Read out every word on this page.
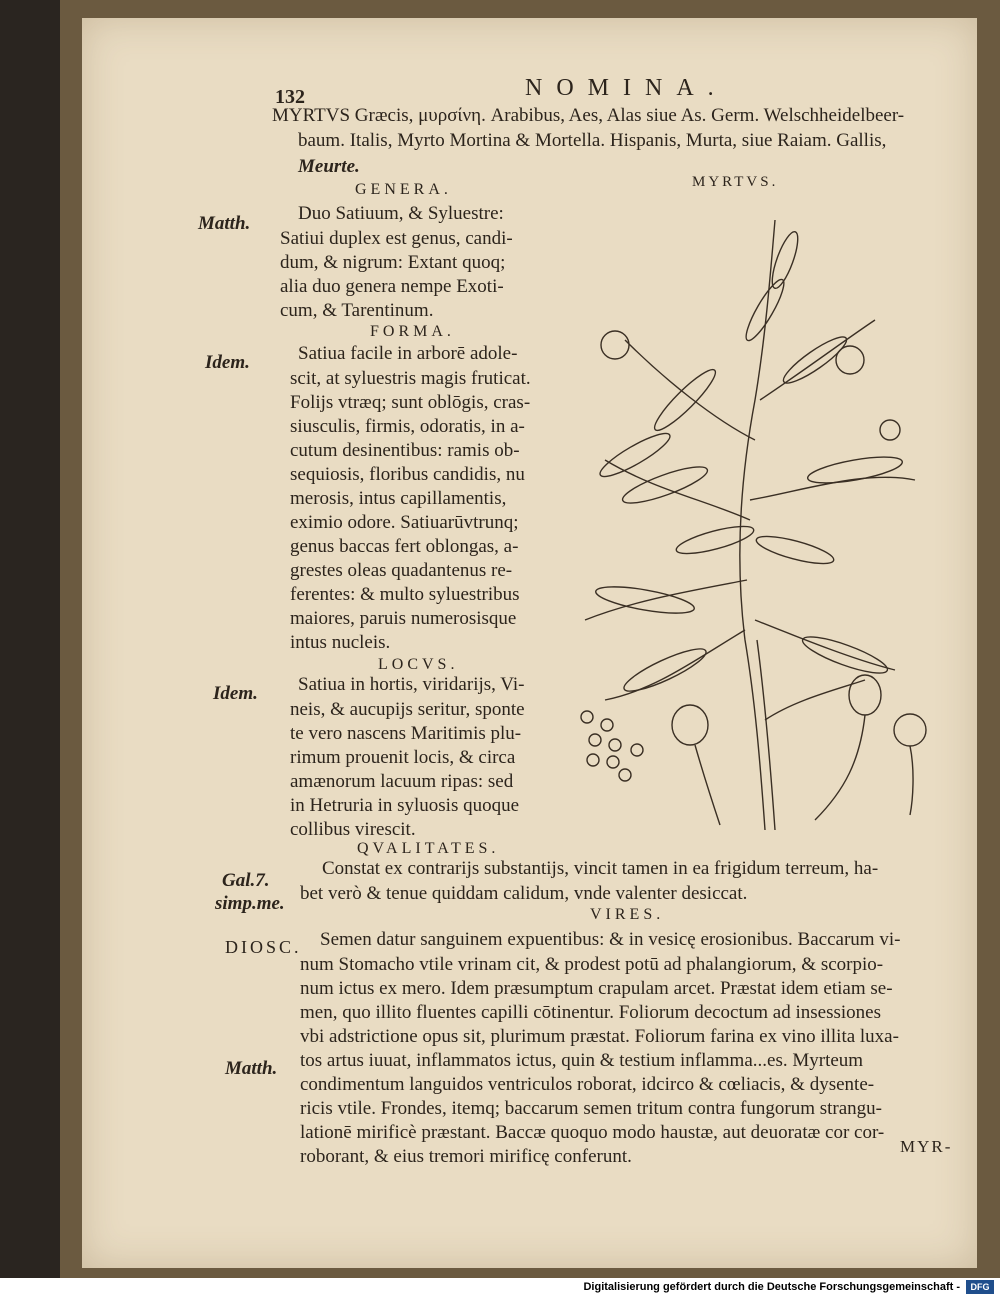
132	NOMINA.
MYRTVS Græcis, μυρσίνη. Arabibus, Aes, Alas siue As. Germ. Welschheidelbeer-
baum. Italis, Myrto Mortina & Mortella. Hispanis, Murta, siue Raiam. Gallis,
Meurte.
MYRTVS.
GENERA.
Matth.	Duo Satiuum, & Syluestre:
Satiui duplex est genus, candi-
dum, & nigrum: Extant quoq;
alia duo genera nempe Exoti-
cum, & Tarentinum.
FORMA.
Idem.	Satiua facile in arborē adole-
scit, at syluestris magis fruticat.
Folijs vtræq; sunt oblōgis, cras-
siusculis, firmis, odoratis, in a-
cutum desinentibus: ramis ob-
sequiosis, floribus candidis, nu
merosis, intus capillamentis,
eximio odore. Satiuarūvtrunq;
genus baccas fert oblongas, a-
grestes oleas quadantenus re-
ferentes: & multo syluestribus
maiores, paruis numerosisque
intus nucleis.
LOCVS.
Idem. Satiua in hortis, viridarijs, Vi-
neis, & aucupijs seritur, sponte
te vero nascens Maritimis plu-
rimum prouenit locis, & circa
amænorum lacuum ripas: sed
in Hetruria in syluosis quoque
collibus virescit.
QVALITATES.
Gal.7.
simp.me.
Constat ex contrarijs substantijs, vincit tamen in ea frigidum terreum, ha-
bet verò & tenue quiddam calidum, vnde valenter desiccat.
VIRES.
DIOSC.
Matth.
Semen datur sanguinem expuentibus: & in vesicę erosionibus. Baccarum vi-
num Stomacho vtile vrinam cit, & prodest potū ad phalangiorum, & scorpio-
num ictus ex mero. Idem præsumptum crapulam arcet. Præstat idem etiam se-
men, quo illito fluentes capilli cōtinentur. Foliorum decoctum ad insessiones
vbi adstrictione opus sit, plurimum præstat. Foliorum farina ex vino illita luxa-
tos artus iuuat, inflammatos ictus, quin & testium inflamma...es. Myrteum
condimentum languidos ventriculos roborat, idcirco & cœliacis, & dysente-
ricis vtile. Frondes, itemq; baccarum semen tritum contra fungorum strangu-
lationē mirificè præstant. Baccæ quoquo modo haustæ, aut deuoratæ cor cor-
roborant, & eius tremori mirificę conferunt.	MYR-
Digitalisierung gefördert durch die Deutsche Forschungsgemeinschaft -	DFG
